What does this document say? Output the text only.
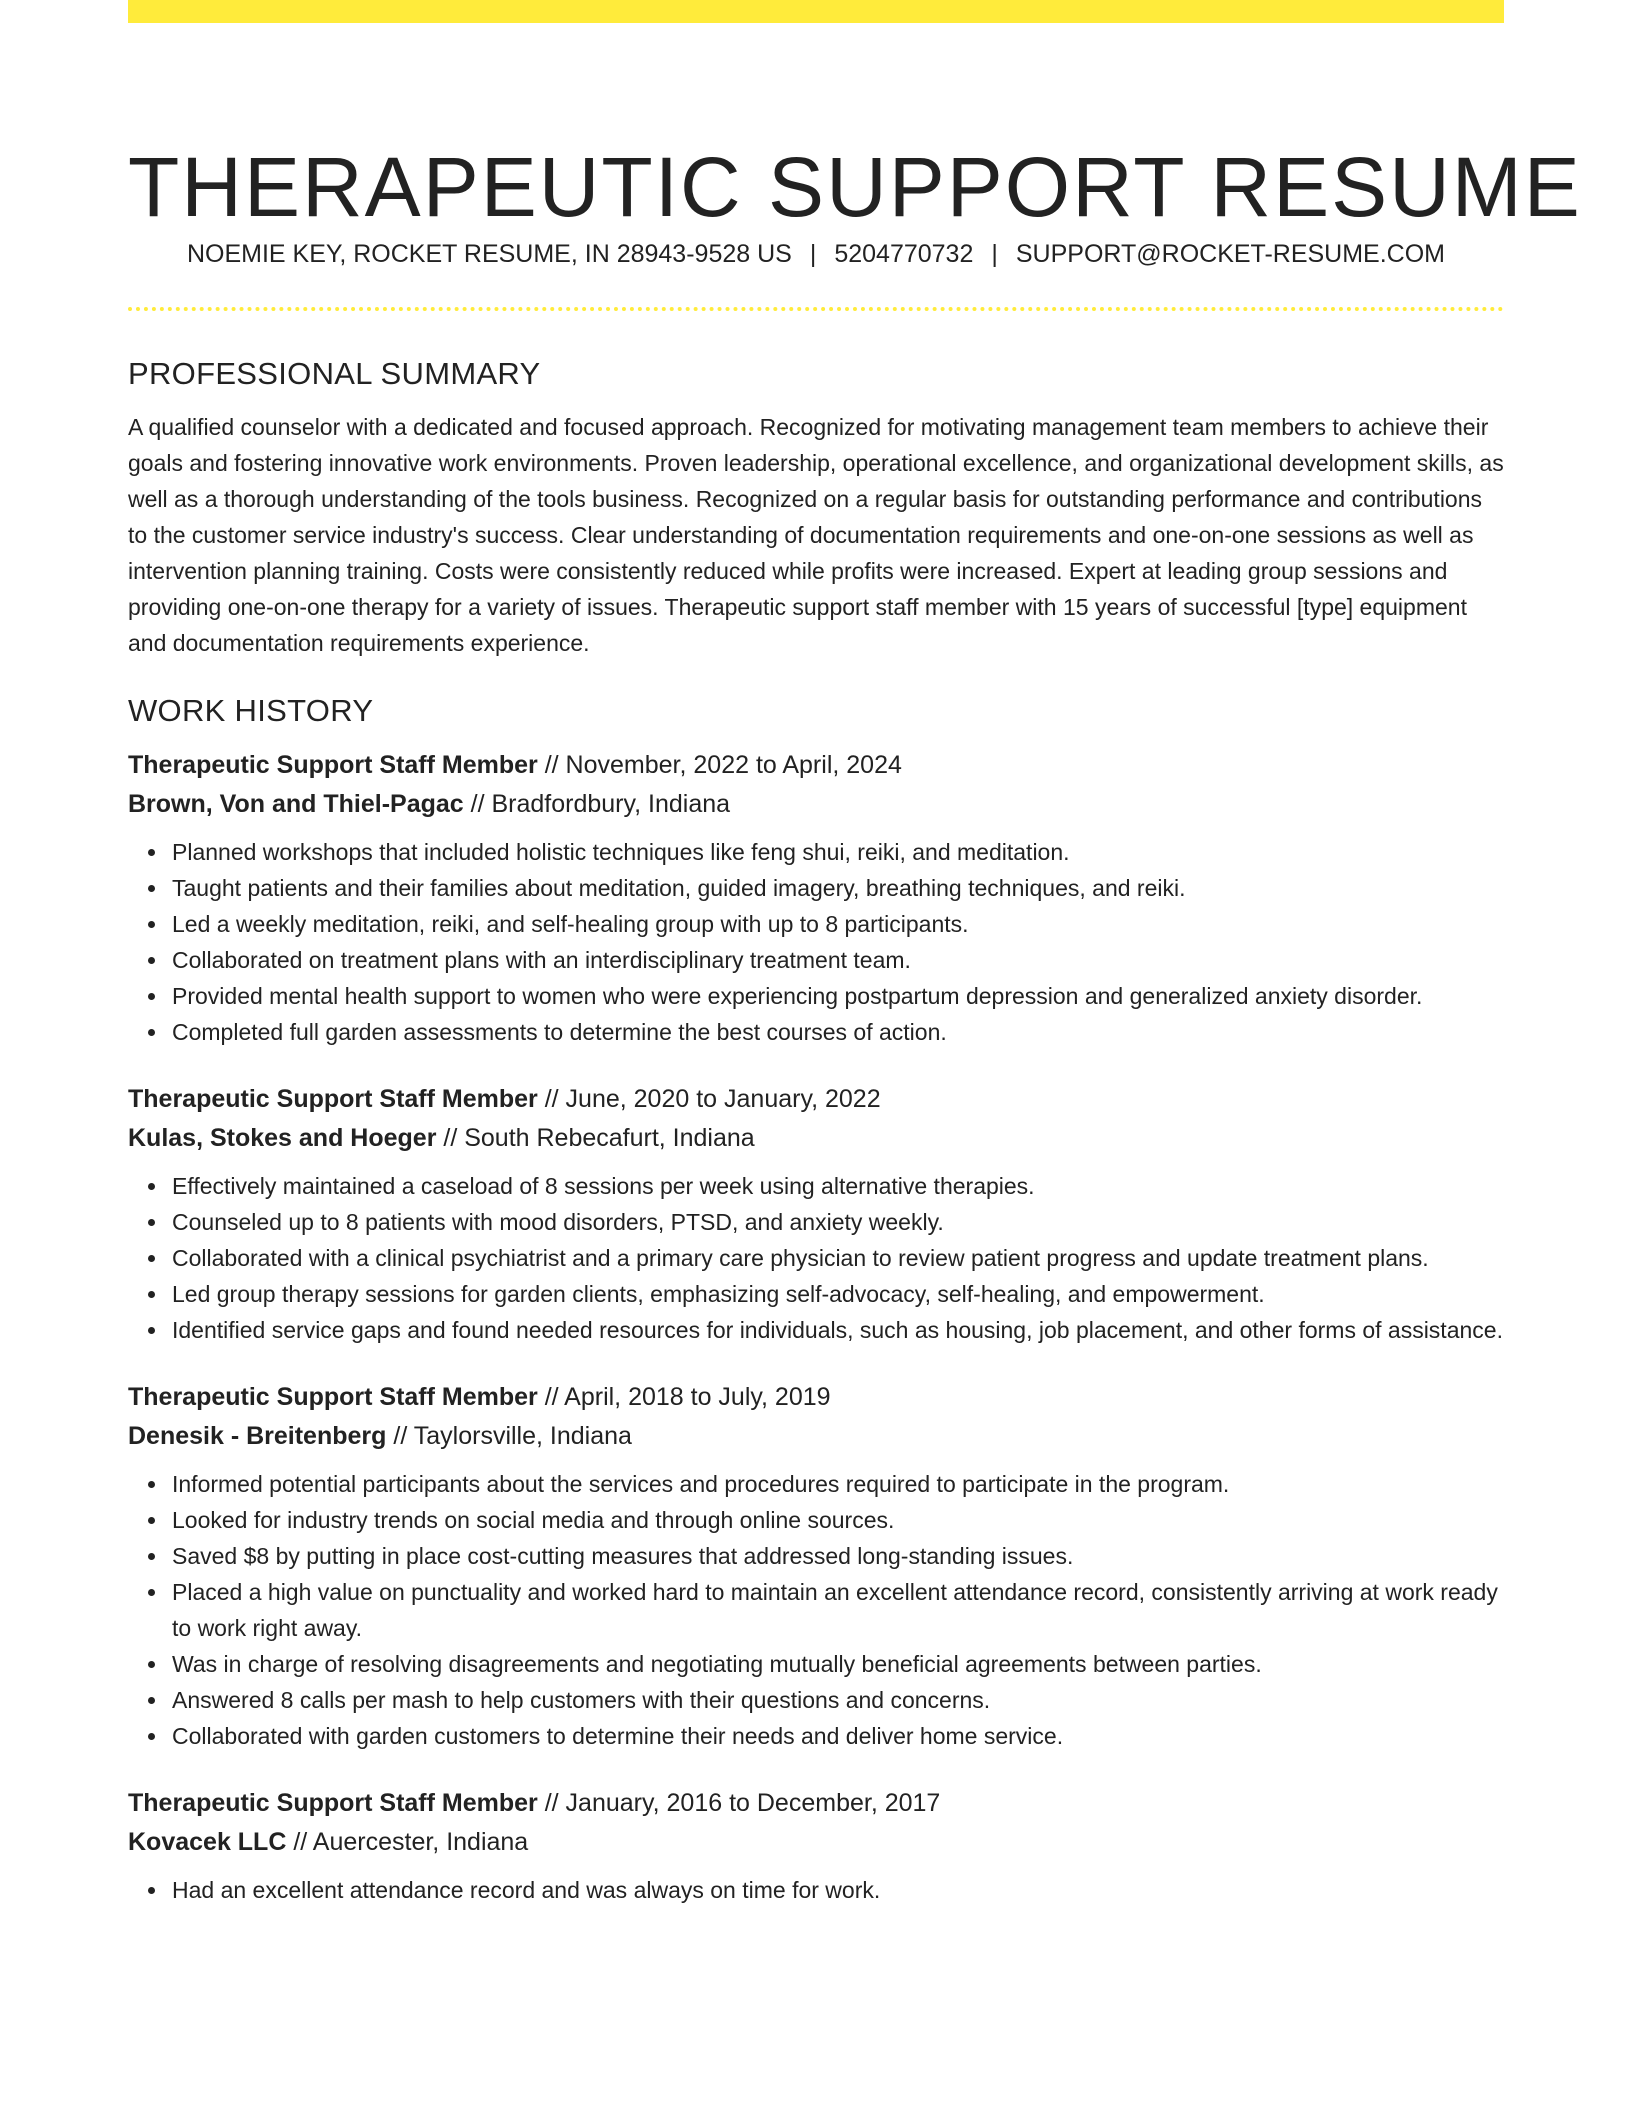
THERAPEUTIC SUPPORT RESUME
NOEMIE KEY, ROCKET RESUME, IN 28943-9528 US | 5204770732 | SUPPORT@ROCKET-RESUME.COM
PROFESSIONAL SUMMARY

A qualified counselor with a dedicated and focused approach. Recognized for motivating management team members to achieve their goals and fostering innovative work environments. Proven leadership, operational excellence, and organizational development skills, as well as a thorough understanding of the tools business. Recognized on a regular basis for outstanding performance and contributions to the customer service industry's success. Clear understanding of documentation requirements and one-on-one sessions as well as intervention planning training. Costs were consistently reduced while profits were increased. Expert at leading group sessions and providing one-on-one therapy for a variety of issues. Therapeutic support staff member with 15 years of successful [type] equipment and documentation requirements experience.

WORK HISTORY
Therapeutic Support Staff Member // November, 2022 to April, 2024
Brown, Von and Thiel-Pagac // Bradfordbury, Indiana
Planned workshops that included holistic techniques like feng shui, reiki, and meditation.
Taught patients and their families about meditation, guided imagery, breathing techniques, and reiki.
Led a weekly meditation, reiki, and self-healing group with up to 8 participants.
Collaborated on treatment plans with an interdisciplinary treatment team.
Provided mental health support to women who were experiencing postpartum depression and generalized anxiety disorder.
Completed full garden assessments to determine the best courses of action.
Therapeutic Support Staff Member // June, 2020 to January, 2022
Kulas, Stokes and Hoeger // South Rebecafurt, Indiana
Effectively maintained a caseload of 8 sessions per week using alternative therapies.
Counseled up to 8 patients with mood disorders, PTSD, and anxiety weekly.
Collaborated with a clinical psychiatrist and a primary care physician to review patient progress and update treatment plans.
Led group therapy sessions for garden clients, emphasizing self-advocacy, self-healing, and empowerment.
Identified service gaps and found needed resources for individuals, such as housing, job placement, and other forms of assistance.
Therapeutic Support Staff Member // April, 2018 to July, 2019
Denesik - Breitenberg // Taylorsville, Indiana
Informed potential participants about the services and procedures required to participate in the program.
Looked for industry trends on social media and through online sources.
Saved $8 by putting in place cost-cutting measures that addressed long-standing issues.
Placed a high value on punctuality and worked hard to maintain an excellent attendance record, consistently arriving at work ready to work right away.
Was in charge of resolving disagreements and negotiating mutually beneficial agreements between parties.
Answered 8 calls per mash to help customers with their questions and concerns.
Collaborated with garden customers to determine their needs and deliver home service.
Therapeutic Support Staff Member // January, 2016 to December, 2017
Kovacek LLC // Auercester, Indiana
Had an excellent attendance record and was always on time for work.
